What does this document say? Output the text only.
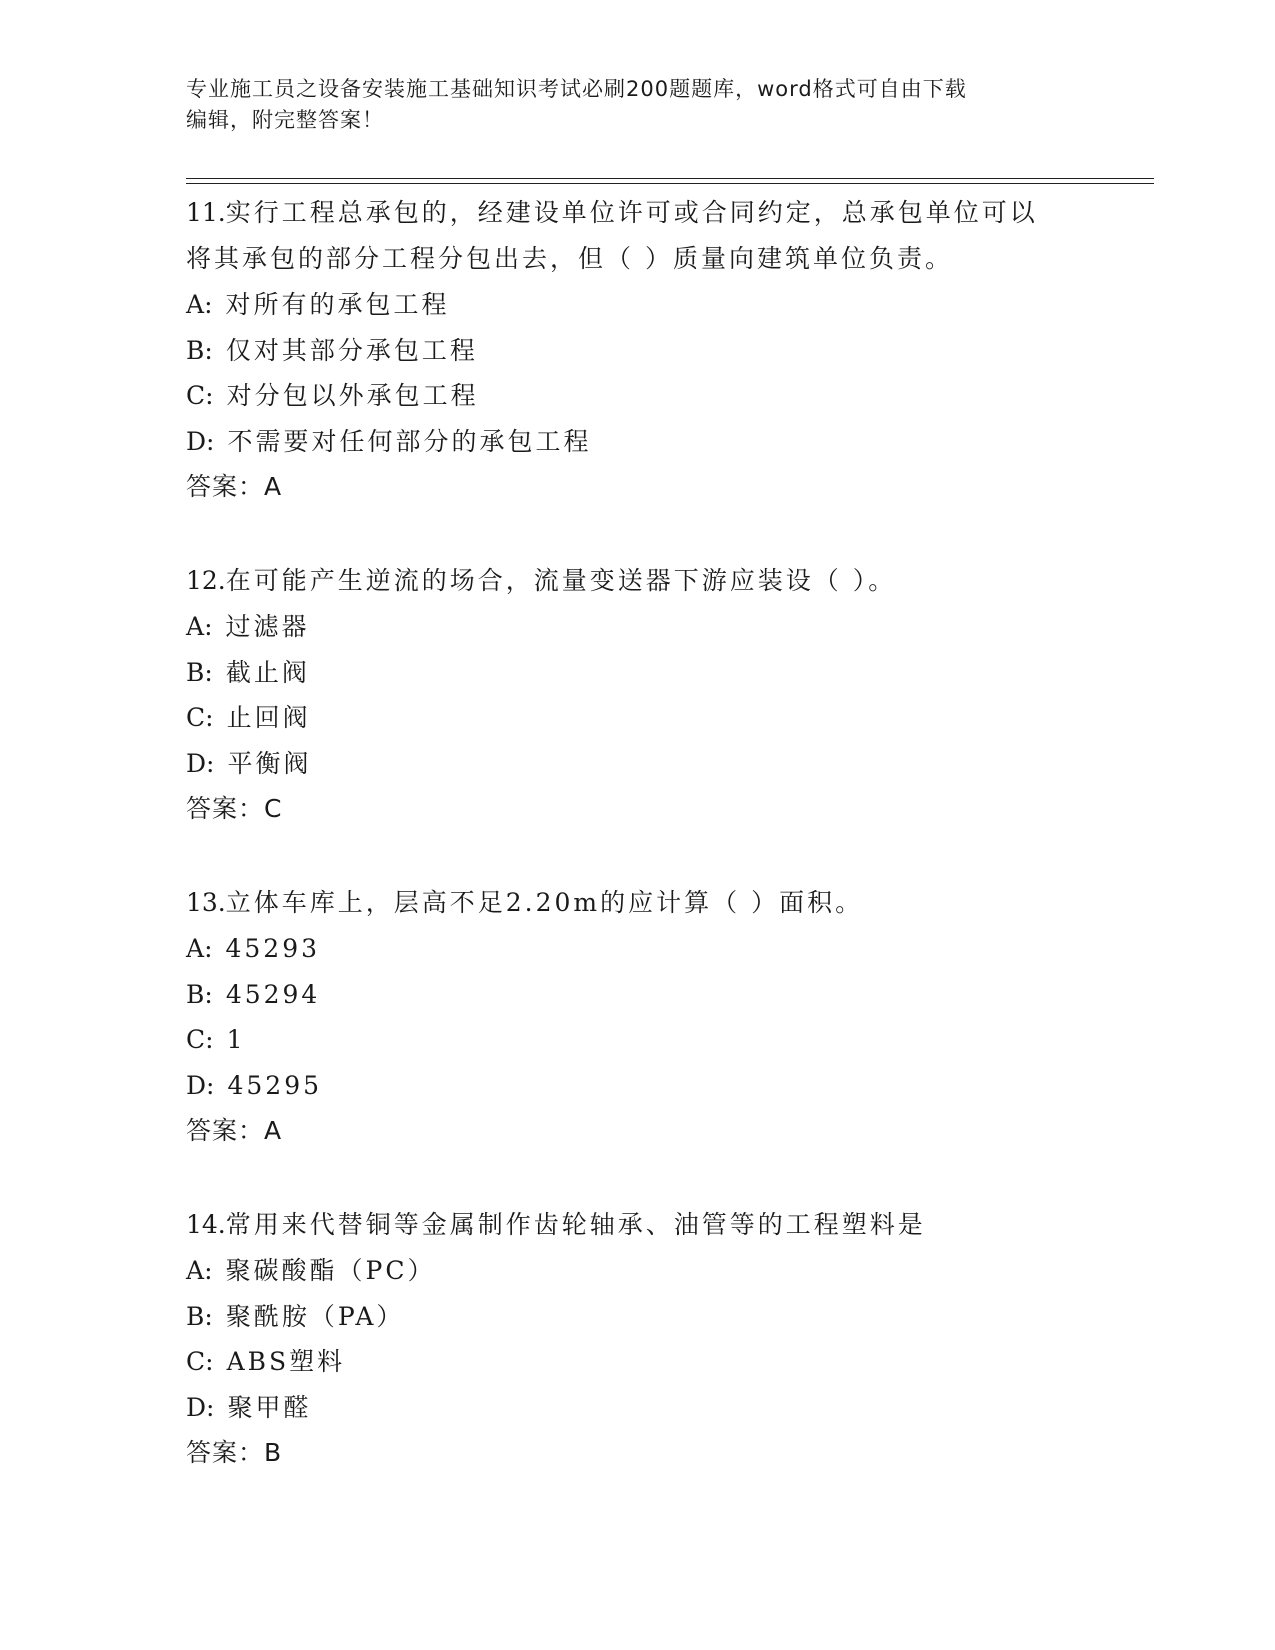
专业施工员之设备安装施工基础知识考试必刷200题题库，word格式可自由下载
编辑，附完整答案！
11.实行工程总承包的，经建设单位许可或合同约定，总承包单位可以
将其承包的部分工程分包出去，但（ ）质量向建筑单位负责。
A: 对所有的承包工程
B: 仅对其部分承包工程
C: 对分包以外承包工程
D: 不需要对任何部分的承包工程
答案：A
12.在可能产生逆流的场合，流量变送器下游应装设（ ）。
A: 过滤器
B: 截止阀
C: 止回阀
D: 平衡阀
答案：C
13.立体车库上，层高不足2.20m的应计算（ ）面积。
A: 45293
B: 45294
C: 1
D: 45295
答案：A
14.常用来代替铜等金属制作齿轮轴承、油管等的工程塑料是
A: 聚碳酸酯（PC）
B: 聚酰胺（PA）
C: ABS塑料
D: 聚甲醛
答案：B
